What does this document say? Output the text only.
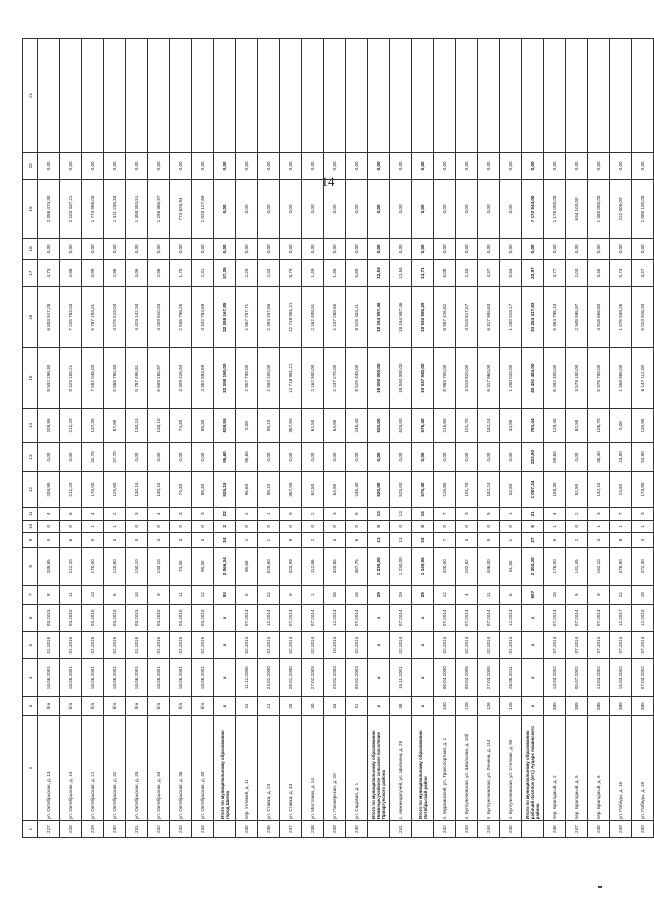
14
1	2	3	4	5	6	7	8	9	10	11	12	13	14	15	16	17	18	19	20	21
227	ул. Октябрьская, д. 13	б/н	18.06.2001	01.2015	03.2015	8	209,95	4	0	4	209,95	0,00	209,95	8 932 296,30	6 833 917,28	4,73	0,00	2 098 474,30	0,00	
228	ул. Октябрьская, д. 19	б/н	18.06.2001	01.2015	03.2015	11	212,20	6	0	6	212,20	0,00	212,20	9 429 155,21	7 225 763,03	4,98	0,00	2 203 437,21	0,00	
229	ул. Октябрьская, д. 21	б/н	18.06.2001	01.2015	03.2015	13	170,00	5	1	4	170,00	32,70	137,30	7 582 046,03	5 787 193,01	3,99	0,00	1 774 866,03	0,00	
230	ул. Октябрьская, д. 32	б/н	18.06.2001	01.2015	03.2015	6	125,60	3	1	2	125,60	37,70	87,90	5 886 760,33	4 575 519,04	2,96	0,00	1 311 238,33	0,00	
231	ул. Октябрьская, д. 33	б/н	18.06.2001	01.2015	03.2015	10	130,10	3	0	3	130,10	0,00	130,10	5 787 495,51	4 429 142,34	3,06	0,00	1 358 353,51	0,00	
232	ул. Октябрьская, д. 34	б/н	18.06.2001	01.2015	03.2015	9	130,10	4	0	4	130,10	0,00	130,10	5 609 265,97	4 259 810,04	2,96	0,00	1 296 365,97	0,00	
233	ул. Октябрьская, д. 36	б/н	18.06.2001	01.2015	03.2015	11	74,30	3	0	3	74,30	0,00	74,30	3 309 426,94	2 535 798,25	1,75	0,00	774 626,94	0,00	
234	ул. Октябрьская, д. 40	б/н	18.06.2001	01.2015	03.2015	12	98,30	3	0	3	98,30	0,00	98,30	4 362 883,69	3 342 783,69	2,31	0,00	1 025 127,69	0,00	
	Итого по муниципальному образованию город Шилка	х	х	х	х	93	2 066,34	24	2	22	935,15	95,60	839,55	32 398 190,00	32 398 167,85	37,35	0,00	0,00	0,00	
235	пер. Угловой, д. 11	41	11.12.2000	02.2014	07.2014	5	95,60	2	0	2	95,60	95,60	0,00	2 957 790,00	2 957 757,71	2,29	0,00	0,00	0,00	
236	ул. Ставка, д. 24	21	23.02.2000	01.2014	12.2014	22	525,60	1	0	1	98,10	0,00	98,10	2 394 200,00	2 394 257,66	2,34	0,00	0,00	0,00	
237	ул. Ставка, д. 43	26	26.01.2000	02.2014	07.2014	9	423,99	9	0	9	367,50	0,00	367,50	12 718 981,21	12 718 981,21	8,79	0,00	0,00	0,00	
238	ул. Мостовая, д. 14	30	27.02.2003	02.2014	07.2014	1	112,66	2	0	2	62,50	0,00	62,50	2 162 500,00	2 162 408,51	1,49	0,00	0,00	0,00	
239	ул. Пионерская, д. 20	34	29.02.2003	10.2014	12.2014	26	420,85	3	0	3	64,95	0,00	64,95	2 247 270,00	2 247 268,65	1,35	0,00	0,00	0,00	
240	ул. Садовая, д. 1	31	09.02.2003	02.2014	07.2014	16	467,75	6	0	6	246,40	0,00	246,40	8 525 440,00	8 525 434,11	5,89	0,00	0,00	0,00	
	Итого по муниципальному образованию Нижнецасучейское сельское поселение Приаргунского района	х	х	х	х	29	1 230,00	13	0	13	520,00	0,00	520,00	18 050 000,00	18 164 987,46	12,54	0,00	0,00	0,00	
241	с. Нижнецасучей, ул. Шилкина, д. 28	38	15.11.2001	02.2014	07.2014	29	1 230,00	13	0	13	525,00	0,00	525,00	18 040 000,00	18 164 987,46	12,54	0,00	0,00	0,00	
	Итого по муниципальному образованию Октябрьский район	х	х	х	х	29	1 349,96	16	0	16	576,40	0,00	576,40	19 947 940,00	19 943 986,29	13,71	0,00	0,00	0,00	
242	п. Мурманский, ул. Транспортная, д. 1	100	06.04.2000	02.2014	07.2014	12	420,00	7	0	7	215,80	0,00	215,80	8 983 700,00	8 907 426,62	6,08	0,00	0,00	0,00	
243	п. Булгуночинская, ул. Школьная, д. 10б	128	09.04.2005	02.2014	07.2014	4	102,82	3	0	3	101,70	0,00	101,70	3 518 820,00	3 518 817,57	2,43	0,00	0,00	0,00	
244	п. Булгуночинская, ул. Ленина, д. 114	126	27.03.2000	02.2014	07.2014	11	446,00	5	0	5	182,24	0,00	182,24	6 317 960,00	6 317 955,63	4,37	0,00	0,00	0,00	
245	п. Булгуночинская, ул. Степная, д. 90	126	28.06.2011	01.2014	12.2014	6	61,30	1	0	1	34,90	0,00	34,90	1 200 020,00	1 200 019,17	0,83	0,00	0,00	0,00	
	Итого по муниципальному образованию рабочий посёлок (пгт.) Ауцарк Акшинского района	х	х	х	х	997	2 202,30	27	6	21	1 007,34	223,90	783,44	40 491 484,00	33 254 417,83	22,97	0,00	7 172 844,00	0,00	
246	пер. Брагодный, д. 2	385	13.03.2002	07.2014	07.2014	15	176,00	5	1	4	158,30	59,60	128,40	6 492 400,00	5 464 796,13	3,77	0,00	1 176 000,00	0,00	
247	пер. Брагодный, д. 5	385	05.07.2002	07.2014	07.2014	5	141,45	2	0	2	82,90	0,00	82,90	3 579 100,00	2 948 995,97	2,03	0,00	634 100,00	0,00	
248	пер. Брагодный, д. 6	385	13.03.2002	07.2014	07.2014	9	162,10	4	1	3	142,10	35,40	106,70	5 976 700,00	4 916 856,60	3,40	0,00	1 060 000,00	0,00	
249	ул. Победы, д. 16	385	15.03.2002	07.2014	12.2017	22	476,90	8	1	7	23,90	23,90	0,00	1 358 966,00	1 076 939,26	0,74	0,00	222 006,00	0,00	
250	ул. Победы, д. 18	385	07.03.2002	07.2014	12.2015	18	472,30	4	1	3	173,80	54,90	118,90	6 147 112,00	5 023 916,33	3,47	0,00	1 085 100,00	0,00	
